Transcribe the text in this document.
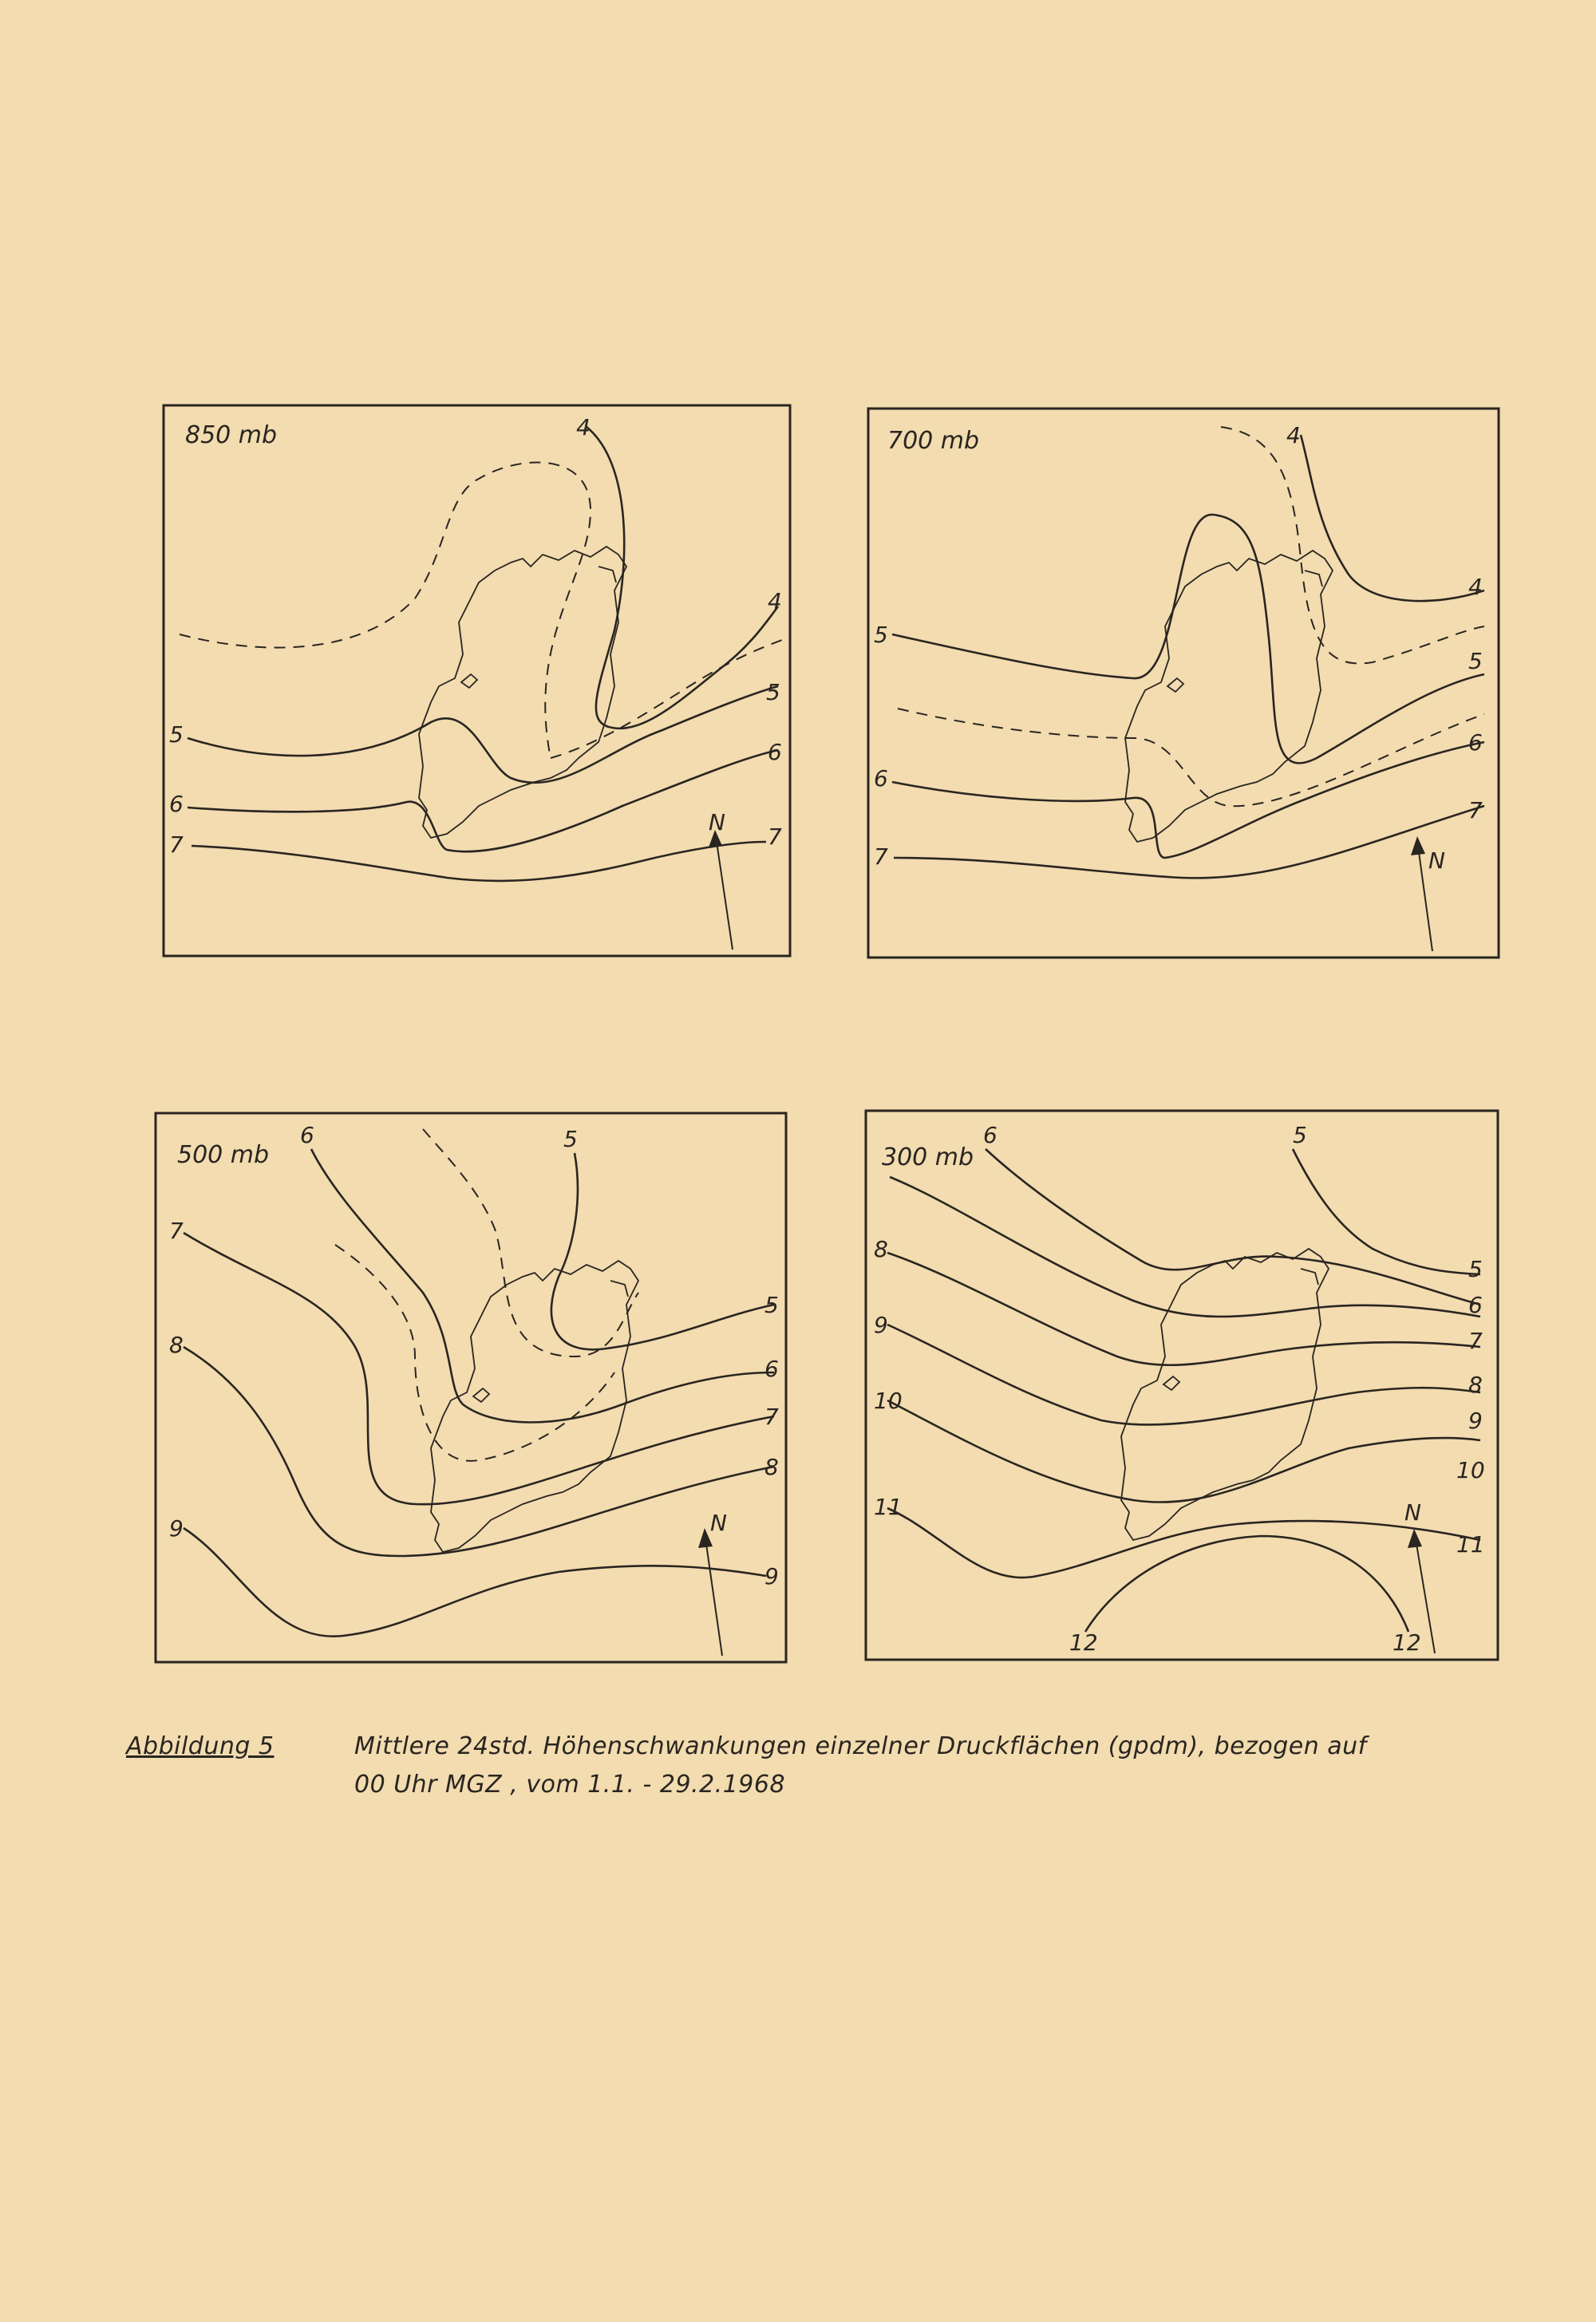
850 mb	4
4
5
6
7
5
6
7
N
700 mb	4
4
5
5
6
6
7
7
N
500 mb
6	5
7
8
9
5
6
7
8
9
N
300 mb
6	5
8
9
10
11
5
6
7
8
9
10
11
12	12
N
Abbildung 5	Mittlere 24std. Höhenschwankungen einzelner Druckflächen (gpdm), bezogen auf
00 Uhr MGZ , vom 1.1. - 29.2.1968
